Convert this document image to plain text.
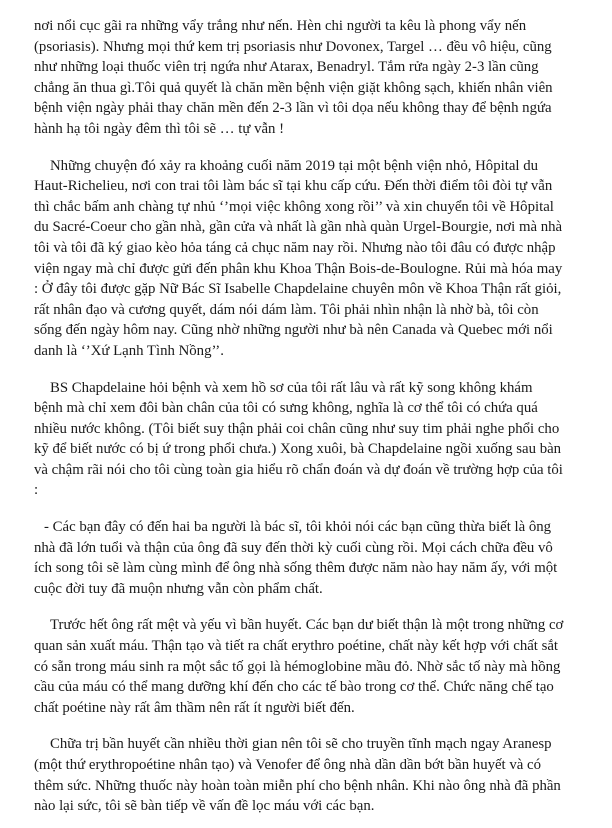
nơi nổi cục gãi ra những vẩy trắng như nến. Hèn chi người ta kêu là phong vẩy nến (psoriasis). Nhưng mọi thứ kem trị psoriasis như Dovonex, Targel … đều vô hiệu, cũng như những loại thuốc viên trị ngứa như Atarax, Benadryl. Tắm rửa ngày 2-3 lần cũng chẳng ăn thua gì.Tôi quả quyết là chăn mền bệnh viện giặt không sạch, khiến nhân viên bệnh viện ngày phải thay chăn mền đến 2-3 lần vì tôi dọa nếu không thay để bệnh ngứa hành hạ tôi ngày đêm thì tôi sẽ … tự vẫn !

Những chuyện đó xảy ra khoảng cuối năm 2019 tại một bệnh viện nhỏ, Hôpital du Haut-Richelieu, nơi con trai tôi làm bác sĩ tại khu cấp cứu. Đến thời điểm tôi đòi tự vẫn thì chắc bấm anh chàng tự nhủ ‘’mọi việc không xong rồi’’ và xin chuyển tôi về Hôpital du Sacré-Coeur cho gần nhà, gần cửa và nhất là gần nhà quàn Urgel-Bourgie, nơi mà nhà tôi và tôi đã ký giao kèo hỏa táng cả chục năm nay rồi. Nhưng nào tôi đâu có được nhập viện ngay mà chỉ được gửi đến phân khu Khoa Thận Bois-de-Boulogne. Rủi mà hóa may : Ở đây tôi được gặp Nữ Bác Sĩ Isabelle Chapdelaine chuyên môn về Khoa Thận rất giỏi, rất nhân đạo và cương quyết, dám nói dám làm. Tôi phải nhìn nhận là nhờ bà, tôi còn sống đến ngày hôm nay. Cũng nhờ những người như bà nên Canada và Quebec mới nổi danh là ‘’Xứ Lạnh Tình Nồng’’.

BS Chapdelaine hỏi bệnh và xem hồ sơ của tôi rất lâu và rất kỹ song không khám bệnh mà chỉ xem đôi bàn chân của tôi có sưng không, nghĩa là cơ thể tôi có chứa quá nhiều nước không. (Tôi biết suy thận phải coi chân cũng như suy tim phải nghe phổi cho kỹ để biết nước có bị ứ trong phổi chưa.) Xong xuôi, bà Chapdelaine ngồi xuống sau bàn và chậm rãi nói cho tôi cùng toàn gia hiểu rõ chẩn đoán và dự đoán về trường hợp của tôi :

- Các bạn đây có đến hai ba người là bác sĩ, tôi khỏi nói các bạn cũng thừa biết là ông nhà đã lớn tuổi và thận của ông đã suy đến thời kỳ cuối cùng rồi. Mọi cách chữa đều vô ích song tôi sẽ làm cùng mình để ông nhà sống thêm được năm nào hay năm ấy, với một cuộc đời tuy đã muộn nhưng vẫn còn phẩm chất.

Trước hết ông rất mệt và yếu vì bần huyết. Các bạn dư biết thận là một trong những cơ quan sản xuất máu. Thận tạo và tiết ra chất erythro poétine, chất này kết hợp với chất sắt có sẵn trong máu sinh ra một sắc tố gọi là hémoglobine mầu đỏ. Nhờ sắc tố này mà hồng cầu của máu có thể mang dưỡng khí đến cho các tế bào trong cơ thể. Chức năng chế tạo chất poétine này rất âm thầm nên rất ít người biết đến.

Chữa trị bần huyết cần nhiều thời gian nên tôi sẽ cho truyền tĩnh mạch ngay Aranesp (một thứ erythropoétine nhân tạo) và Venofer để ông nhà dần dần bớt bần huyết và có thêm sức. Những thuốc này hoàn toàn miễn phí cho bệnh nhân. Khi nào ông nhà đã phần nào lại sức, tôi sẽ bàn tiếp về vấn đề lọc máu với các bạn.
